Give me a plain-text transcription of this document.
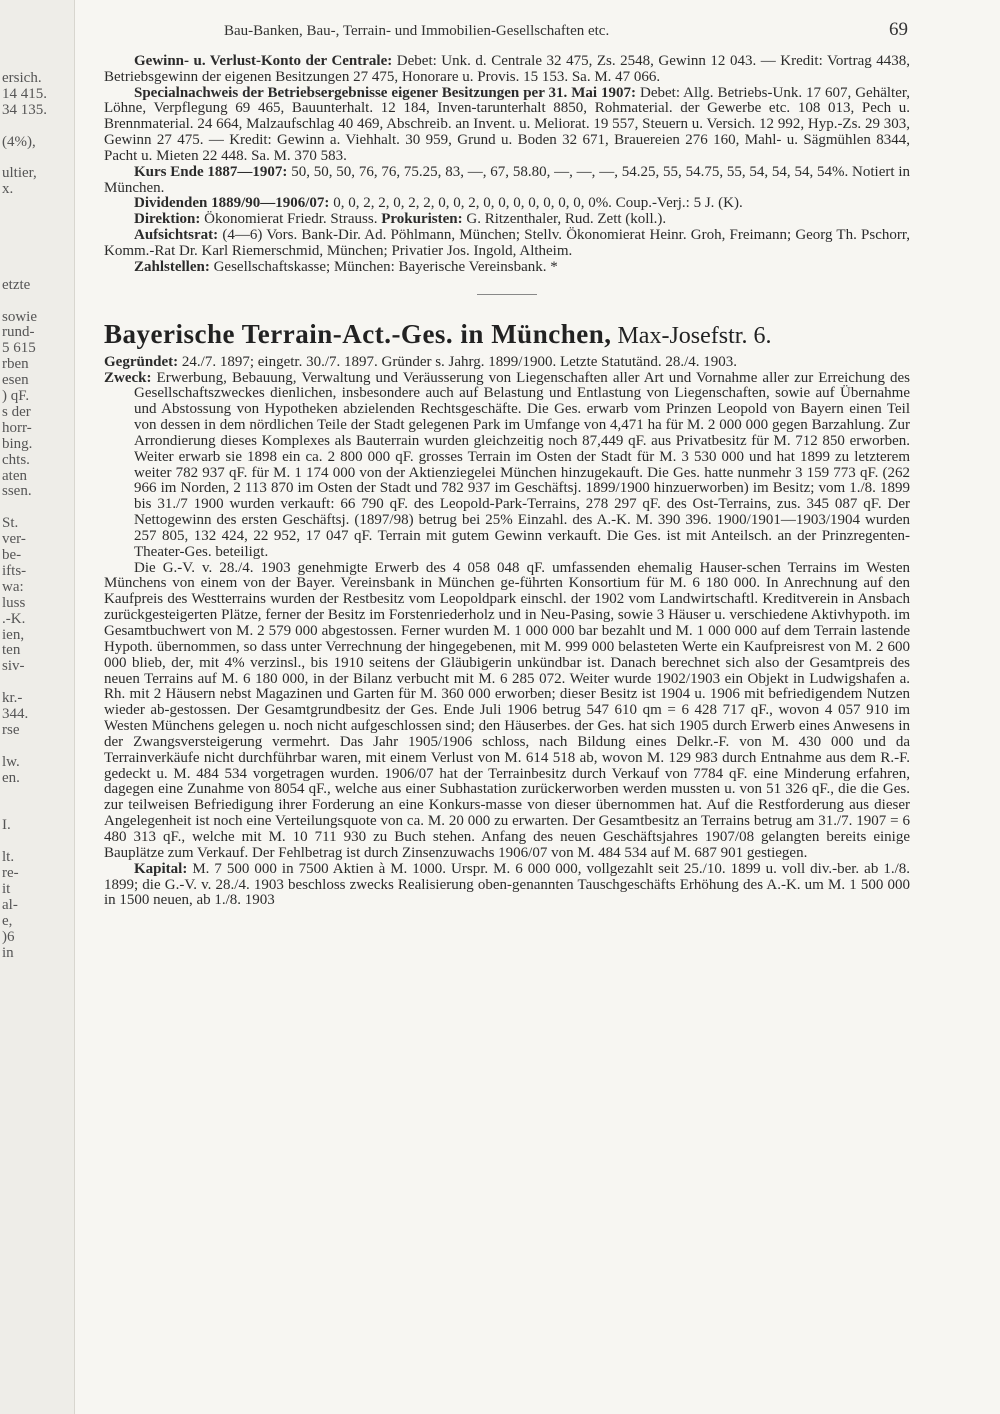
ersich.
14 415.
34 135.
(4%),
ultier,
x.
etzte
sowie
rund-
5 615
rben
esen
) qF.
s der
horr-
bing.
chts.
aten
ssen.
St.
ver-
be-
ifts-
wa:
luss
.-K.
ien,
ten
siv-
kr.-
344.
rse
lw.
en.
I.
lt.
re-
it
al-
e,
)6
in
Bau-Banken, Bau-, Terrain- und Immobilien-Gesellschaften etc.	69

Gewinn- u. Verlust-Konto der Centrale: Debet: Unk. d. Centrale 32 475, Zs. 2548, Gewinn 12 043. — Kredit: Vortrag 4438, Betriebsgewinn der eigenen Besitzungen 27 475, Honorare u. Provis. 15 153. Sa. M. 47 066.

Specialnachweis der Betriebsergebnisse eigener Besitzungen per 31. Mai 1907: Debet: Allg. Betriebs-Unk. 17 607, Gehälter, Löhne, Verpflegung 69 465, Bauunterhalt. 12 184, Inven-tarunterhalt 8850, Rohmaterial. der Gewerbe etc. 108 013, Pech u. Brennmaterial. 24 664, Malzaufschlag 40 469, Abschreib. an Invent. u. Meliorat. 19 557, Steuern u. Versich. 12 992, Hyp.-Zs. 29 303, Gewinn 27 475. — Kredit: Gewinn a. Viehhalt. 30 959, Grund u. Boden 32 671, Brauereien 276 160, Mahl- u. Sägmühlen 8344, Pacht u. Mieten 22 448. Sa. M. 370 583.

Kurs Ende 1887—1907: 50, 50, 50, 76, 76, 75.25, 83, —, 67, 58.80, —, —, —, 54.25, 55, 54.75, 55, 54, 54, 54, 54%. Notiert in München.

Dividenden 1889/90—1906/07: 0, 0, 2, 2, 0, 2, 2, 0, 0, 2, 0, 0, 0, 0, 0, 0, 0, 0%. Coup.-Verj.: 5 J. (K).

Direktion: Ökonomierat Friedr. Strauss. Prokuristen: G. Ritzenthaler, Rud. Zett (koll.).

Aufsichtsrat: (4—6) Vors. Bank-Dir. Ad. Pöhlmann, München; Stellv. Ökonomierat Heinr. Groh, Freimann; Georg Th. Pschorr, Komm.-Rat Dr. Karl Riemerschmid, München; Privatier Jos. Ingold, Altheim.

Zahlstellen: Gesellschaftskasse; München: Bayerische Vereinsbank. *

Bayerische Terrain-Act.-Ges. in München, Max-Josefstr. 6.

Gegründet: 24./7. 1897; eingetr. 30./7. 1897. Gründer s. Jahrg. 1899/1900. Letzte Statutänd. 28./4. 1903.

Zweck: Erwerbung, Bebauung, Verwaltung und Veräusserung von Liegenschaften aller Art und Vornahme aller zur Erreichung des Gesellschaftszweckes dienlichen, insbesondere auch auf Belastung und Entlastung von Liegenschaften, sowie auf Übernahme und Abstossung von Hypotheken abzielenden Rechtsgeschäfte. Die Ges. erwarb vom Prinzen Leopold von Bayern einen Teil von dessen in dem nördlichen Teile der Stadt gelegenen Park im Umfange von 4,471 ha für M. 2 000 000 gegen Barzahlung. Zur Arrondierung dieses Komplexes als Bauterrain wurden gleichzeitig noch 87,449 qF. aus Privatbesitz für M. 712 850 erworben. Weiter erwarb sie 1898 ein ca. 2 800 000 qF. grosses Terrain im Osten der Stadt für M. 3 530 000 und hat 1899 zu letzterem weiter 782 937 qF. für M. 1 174 000 von der Aktienziegelei München hinzugekauft. Die Ges. hatte nunmehr 3 159 773 qF. (262 966 im Norden, 2 113 870 im Osten der Stadt und 782 937 im Geschäftsj. 1899/1900 hinzuerworben) im Besitz; vom 1./8. 1899 bis 31./7 1900 wurden verkauft: 66 790 qF. des Leopold-Park-Terrains, 278 297 qF. des Ost-Terrains, zus. 345 087 qF. Der Nettogewinn des ersten Geschäftsj. (1897/98) betrug bei 25% Einzahl. des A.-K. M. 390 396. 1900/1901—1903/1904 wurden 257 805, 132 424, 22 952, 17 047 qF. Terrain mit gutem Gewinn verkauft. Die Ges. ist mit Anteilsch. an der Prinzregenten-Theater-Ges. beteiligt.

Die G.-V. v. 28./4. 1903 genehmigte Erwerb des 4 058 048 qF. umfassenden ehemalig Hauser-schen Terrains im Westen Münchens von einem von der Bayer. Vereinsbank in München ge-führten Konsortium für M. 6 180 000. In Anrechnung auf den Kaufpreis des Westterrains wurden der Restbesitz vom Leopoldpark einschl. der 1902 vom Landwirtschaftl. Kreditverein in Ansbach zurückgesteigerten Plätze, ferner der Besitz im Forstenriederholz und in Neu-Pasing, sowie 3 Häuser u. verschiedene Aktivhypoth. im Gesamtbuchwert von M. 2 579 000 abgestossen. Ferner wurden M. 1 000 000 bar bezahlt und M. 1 000 000 auf dem Terrain lastende Hypoth. übernommen, so dass unter Verrechnung der hingegebenen, mit M. 999 000 belasteten Werte ein Kaufpreisrest von M. 2 600 000 blieb, der, mit 4% verzinsl., bis 1910 seitens der Gläubigerin unkündbar ist. Danach berechnet sich also der Gesamtpreis des neuen Terrains auf M. 6 180 000, in der Bilanz verbucht mit M. 6 285 072. Weiter wurde 1902/1903 ein Objekt in Ludwigshafen a. Rh. mit 2 Häusern nebst Magazinen und Garten für M. 360 000 erworben; dieser Besitz ist 1904 u. 1906 mit befriedigendem Nutzen wieder ab-gestossen. Der Gesamtgrundbesitz der Ges. Ende Juli 1906 betrug 547 610 qm = 6 428 717 qF., wovon 4 057 910 im Westen Münchens gelegen u. noch nicht aufgeschlossen sind; den Häuserbes. der Ges. hat sich 1905 durch Erwerb eines Anwesens in der Zwangsversteigerung vermehrt. Das Jahr 1905/1906 schloss, nach Bildung eines Delkr.-F. von M. 430 000 und da Terrainverkäufe nicht durchführbar waren, mit einem Verlust von M. 614 518 ab, wovon M. 129 983 durch Entnahme aus dem R.-F. gedeckt u. M. 484 534 vorgetragen wurden. 1906/07 hat der Terrainbesitz durch Verkauf von 7784 qF. eine Minderung erfahren, dagegen eine Zunahme von 8054 qF., welche aus einer Subhastation zurückerworben werden mussten u. von 51 326 qF., die die Ges. zur teilweisen Befriedigung ihrer Forderung an eine Konkurs-masse von dieser übernommen hat. Auf die Restforderung aus dieser Angelegenheit ist noch eine Verteilungsquote von ca. M. 20 000 zu erwarten. Der Gesamtbesitz an Terrains betrug am 31./7. 1907 = 6 480 313 qF., welche mit M. 10 711 930 zu Buch stehen. Anfang des neuen Geschäftsjahres 1907/08 gelangten bereits einige Bauplätze zum Verkauf. Der Fehlbetrag ist durch Zinsenzuwachs 1906/07 von M. 484 534 auf M. 687 901 gestiegen.

Kapital: M. 7 500 000 in 7500 Aktien à M. 1000. Urspr. M. 6 000 000, vollgezahlt seit 25./10. 1899 u. voll div.-ber. ab 1./8. 1899; die G.-V. v. 28./4. 1903 beschloss zwecks Realisierung oben-genannten Tauschgeschäfts Erhöhung des A.-K. um M. 1 500 000 in 1500 neuen, ab 1./8. 1903
